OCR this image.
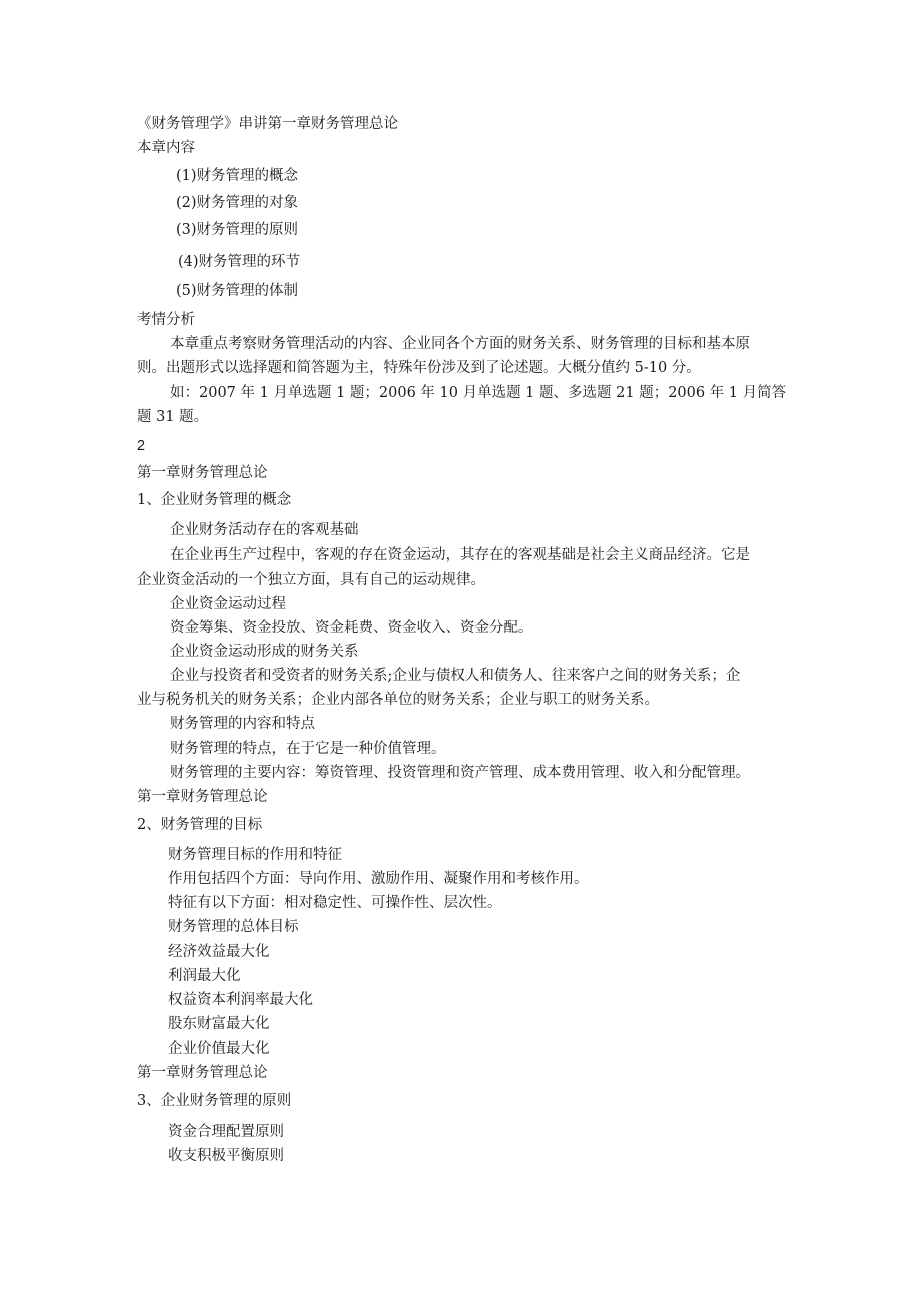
《财务管理学》串讲第一章财务管理总论
本章内容
(1)财务管理的概念
(2)财务管理的对象
(3)财务管理的原则
(4)财务管理的环节
(5)财务管理的体制
考情分析
本章重点考察财务管理活动的内容、企业同各个方面的财务关系、财务管理的目标和基本原
则。出题形式以选择题和简答题为主，特殊年份涉及到了论述题。大概分值约 5-10 分。
如：2007 年 1 月单选题 1 题；2006 年 10 月单选题 1 题、多选题 21 题；2006 年 1 月简答
题 31 题。
2
第一章财务管理总论
1、企业财务管理的概念
企业财务活动存在的客观基础
在企业再生产过程中，客观的存在资金运动，其存在的客观基础是社会主义商品经济。它是
企业资金活动的一个独立方面，具有自己的运动规律。
企业资金运动过程
资金筹集、资金投放、资金耗费、资金收入、资金分配。
企业资金运动形成的财务关系
企业与投资者和受资者的财务关系;企业与债权人和债务人、往来客户之间的财务关系；企
业与税务机关的财务关系；企业内部各单位的财务关系；企业与职工的财务关系。
财务管理的内容和特点
财务管理的特点，在于它是一种价值管理。
财务管理的主要内容：筹资管理、投资管理和资产管理、成本费用管理、收入和分配管理。
第一章财务管理总论
2、财务管理的目标
财务管理目标的作用和特征
作用包括四个方面：导向作用、激励作用、凝聚作用和考核作用。
特征有以下方面：相对稳定性、可操作性、层次性。
财务管理的总体目标
经济效益最大化
利润最大化
权益资本利润率最大化
股东财富最大化
企业价值最大化
第一章财务管理总论
3、企业财务管理的原则
资金合理配置原则
收支积极平衡原则
